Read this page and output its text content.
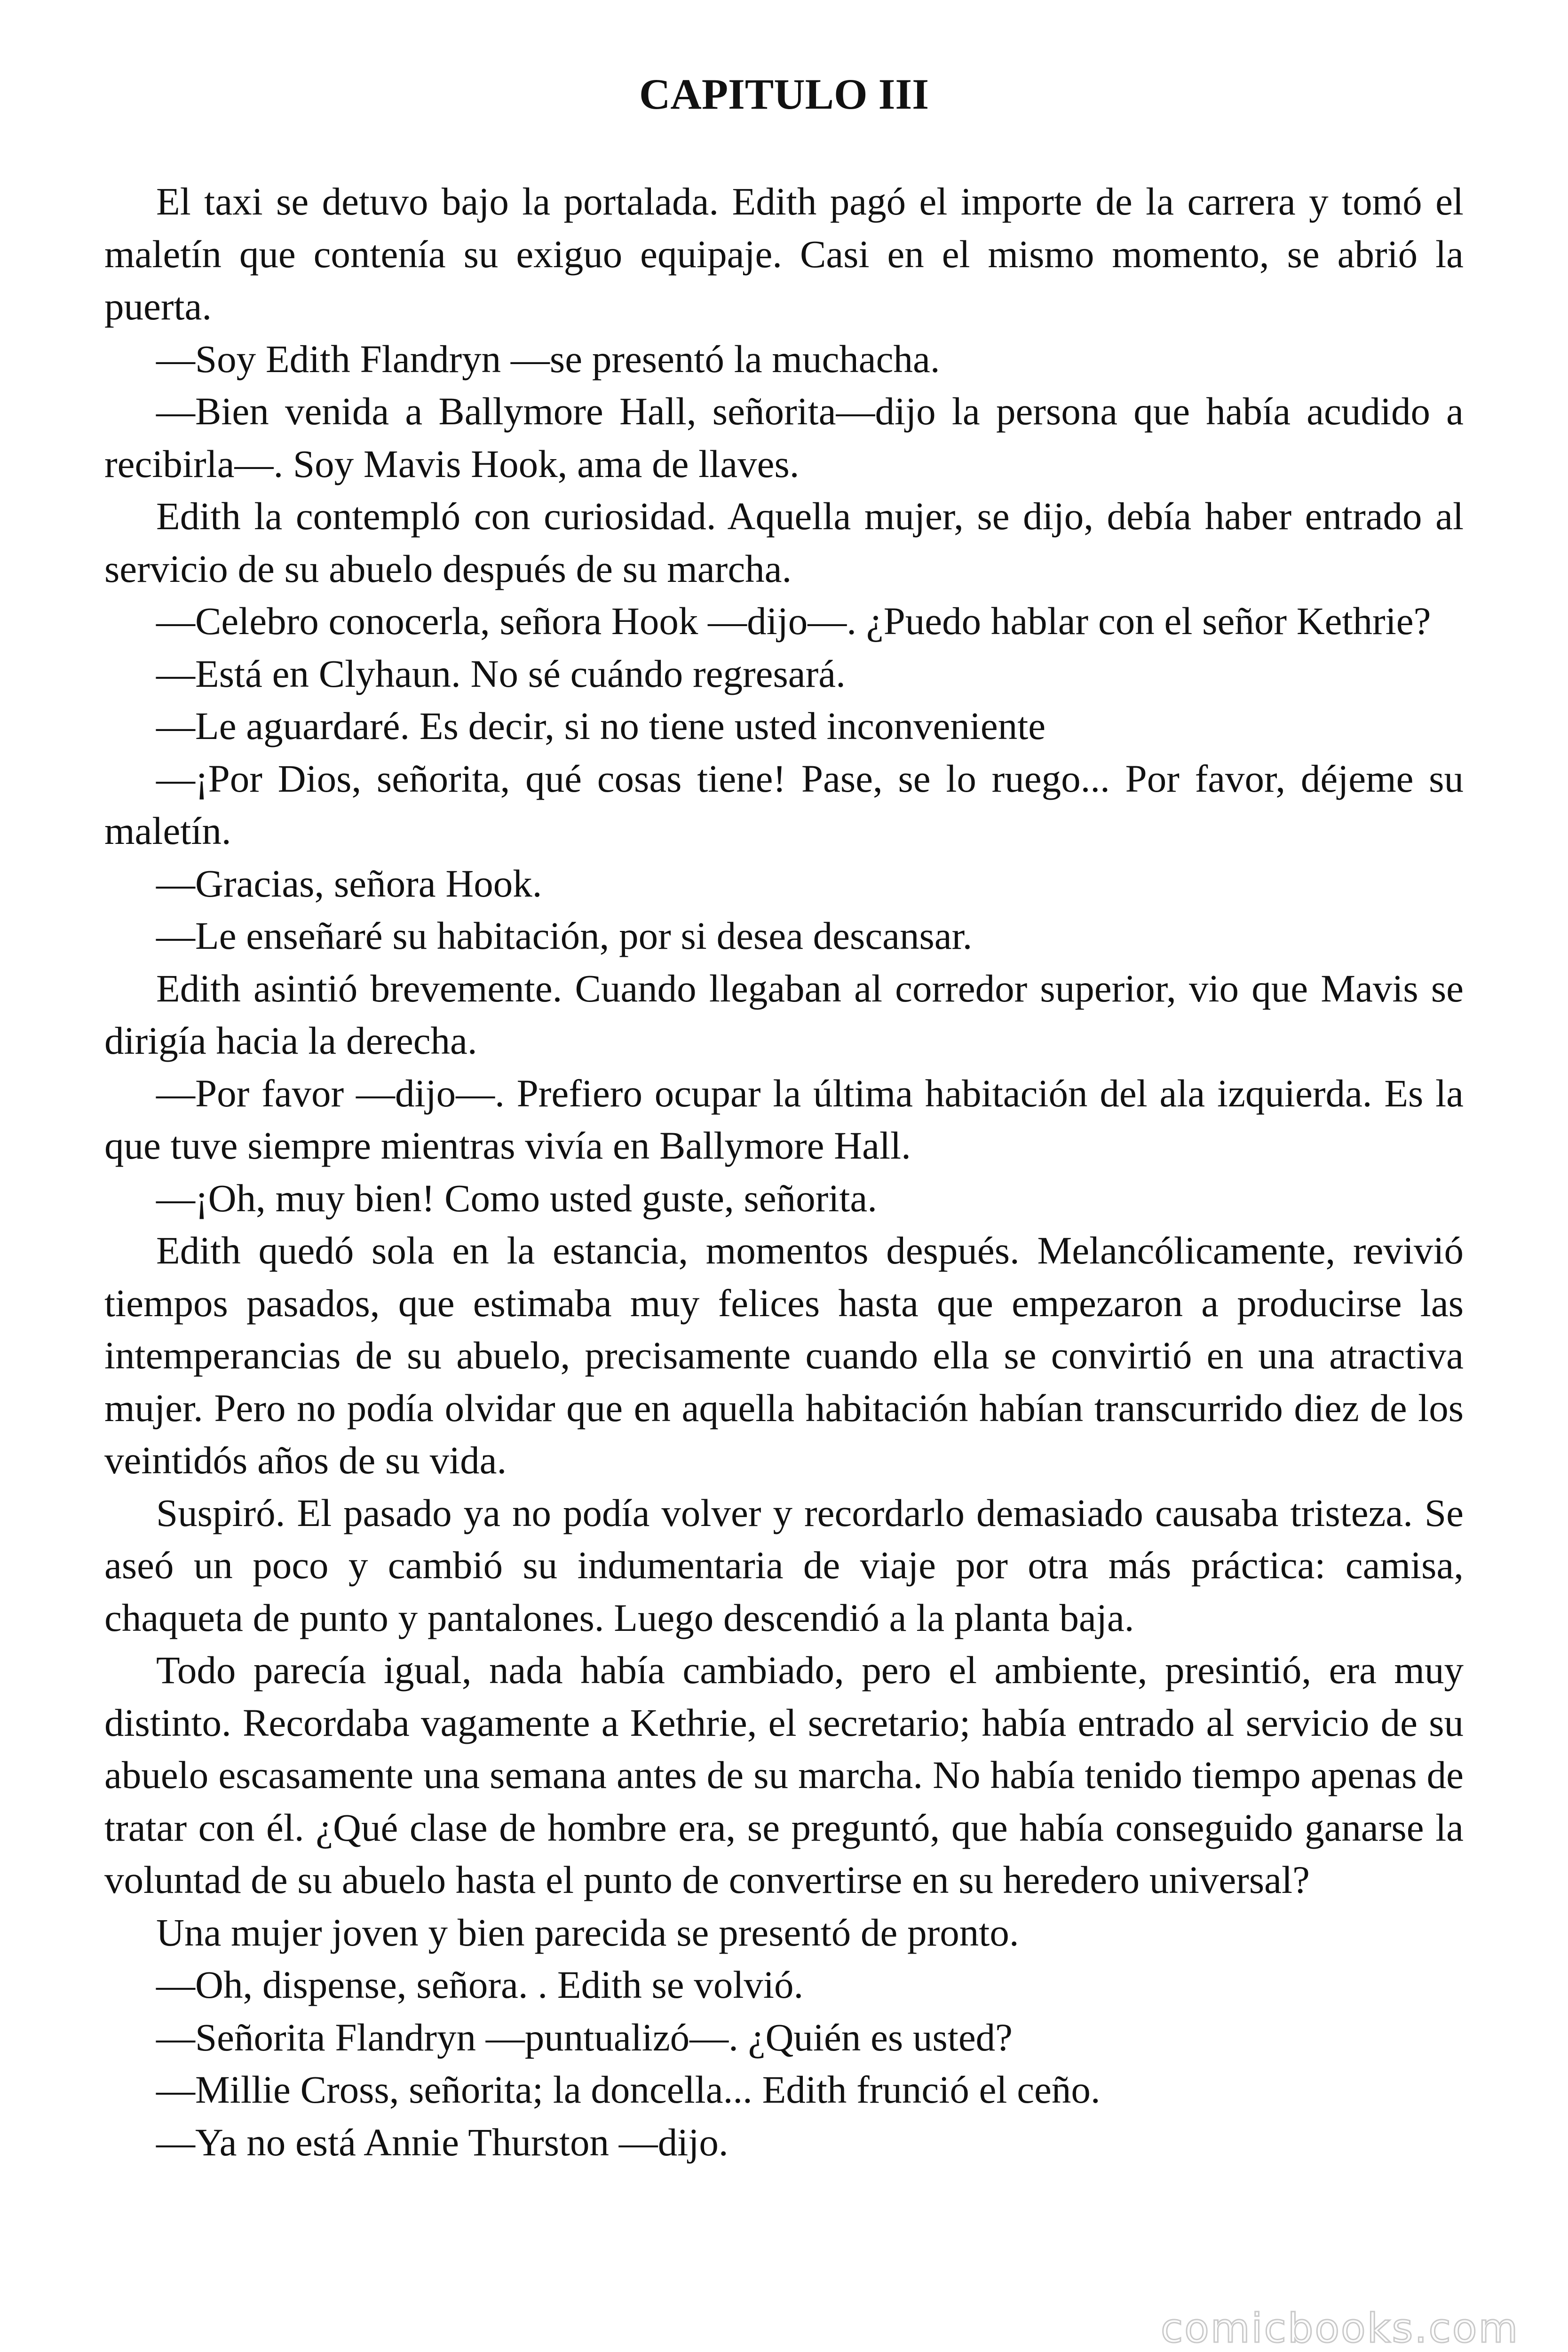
CAPITULO III

El taxi se detuvo bajo la portalada. Edith pagó el importe de la carrera y tomó el maletín que contenía su exiguo equipaje. Casi en el mismo momento, se abrió la puerta.

—Soy Edith Flandryn —se presentó la muchacha.

—Bien venida a Ballymore Hall, señorita—dijo la persona que había acudido a recibirla—. Soy Mavis Hook, ama de llaves.

Edith la contempló con curiosidad. Aquella mujer, se dijo, debía haber entrado al servicio de su abuelo después de su marcha.

—Celebro conocerla, señora Hook —dijo—. ¿Puedo hablar con el señor Kethrie?

—Está en Clyhaun. No sé cuándo regresará.

—Le aguardaré. Es decir, si no tiene usted inconveniente

—¡Por Dios, señorita, qué cosas tiene! Pase, se lo ruego... Por favor, déjeme su maletín.

—Gracias, señora Hook.

—Le enseñaré su habitación, por si desea descansar.

Edith asintió brevemente. Cuando llegaban al corredor superior, vio que Mavis se dirigía hacia la derecha.

—Por favor —dijo—. Prefiero ocupar la última habitación del ala izquierda. Es la que tuve siempre mientras vivía en Ballymore Hall.

—¡Oh, muy bien! Como usted guste, señorita.

Edith quedó sola en la estancia, momentos después. Melancólicamente, revivió tiempos pasados, que estimaba muy felices hasta que empezaron a producirse las intemperancias de su abuelo, precisamente cuando ella se convirtió en una atractiva mujer. Pero no podía olvidar que en aquella habitación habían transcurrido diez de los veintidós años de su vida.

Suspiró. El pasado ya no podía volver y recordarlo demasiado causaba tristeza. Se aseó un poco y cambió su indumentaria de viaje por otra más práctica: camisa, chaqueta de punto y pantalones. Luego descendió a la planta baja.

Todo parecía igual, nada había cambiado, pero el ambiente, presintió, era muy distinto. Recordaba vagamente a Kethrie, el secretario; había entrado al servicio de su abuelo escasamente una semana antes de su marcha. No había tenido tiempo apenas de tratar con él. ¿Qué clase de hombre era, se preguntó, que había conseguido ganarse la voluntad de su abuelo hasta el punto de convertirse en su heredero universal?

Una mujer joven y bien parecida se presentó de pronto.

—Oh, dispense, señora. . Edith se volvió.

—Señorita Flandryn —puntualizó—. ¿Quién es usted?

—Millie Cross, señorita; la doncella... Edith frunció el ceño.

—Ya no está Annie Thurston —dijo.

comicbooks.com
